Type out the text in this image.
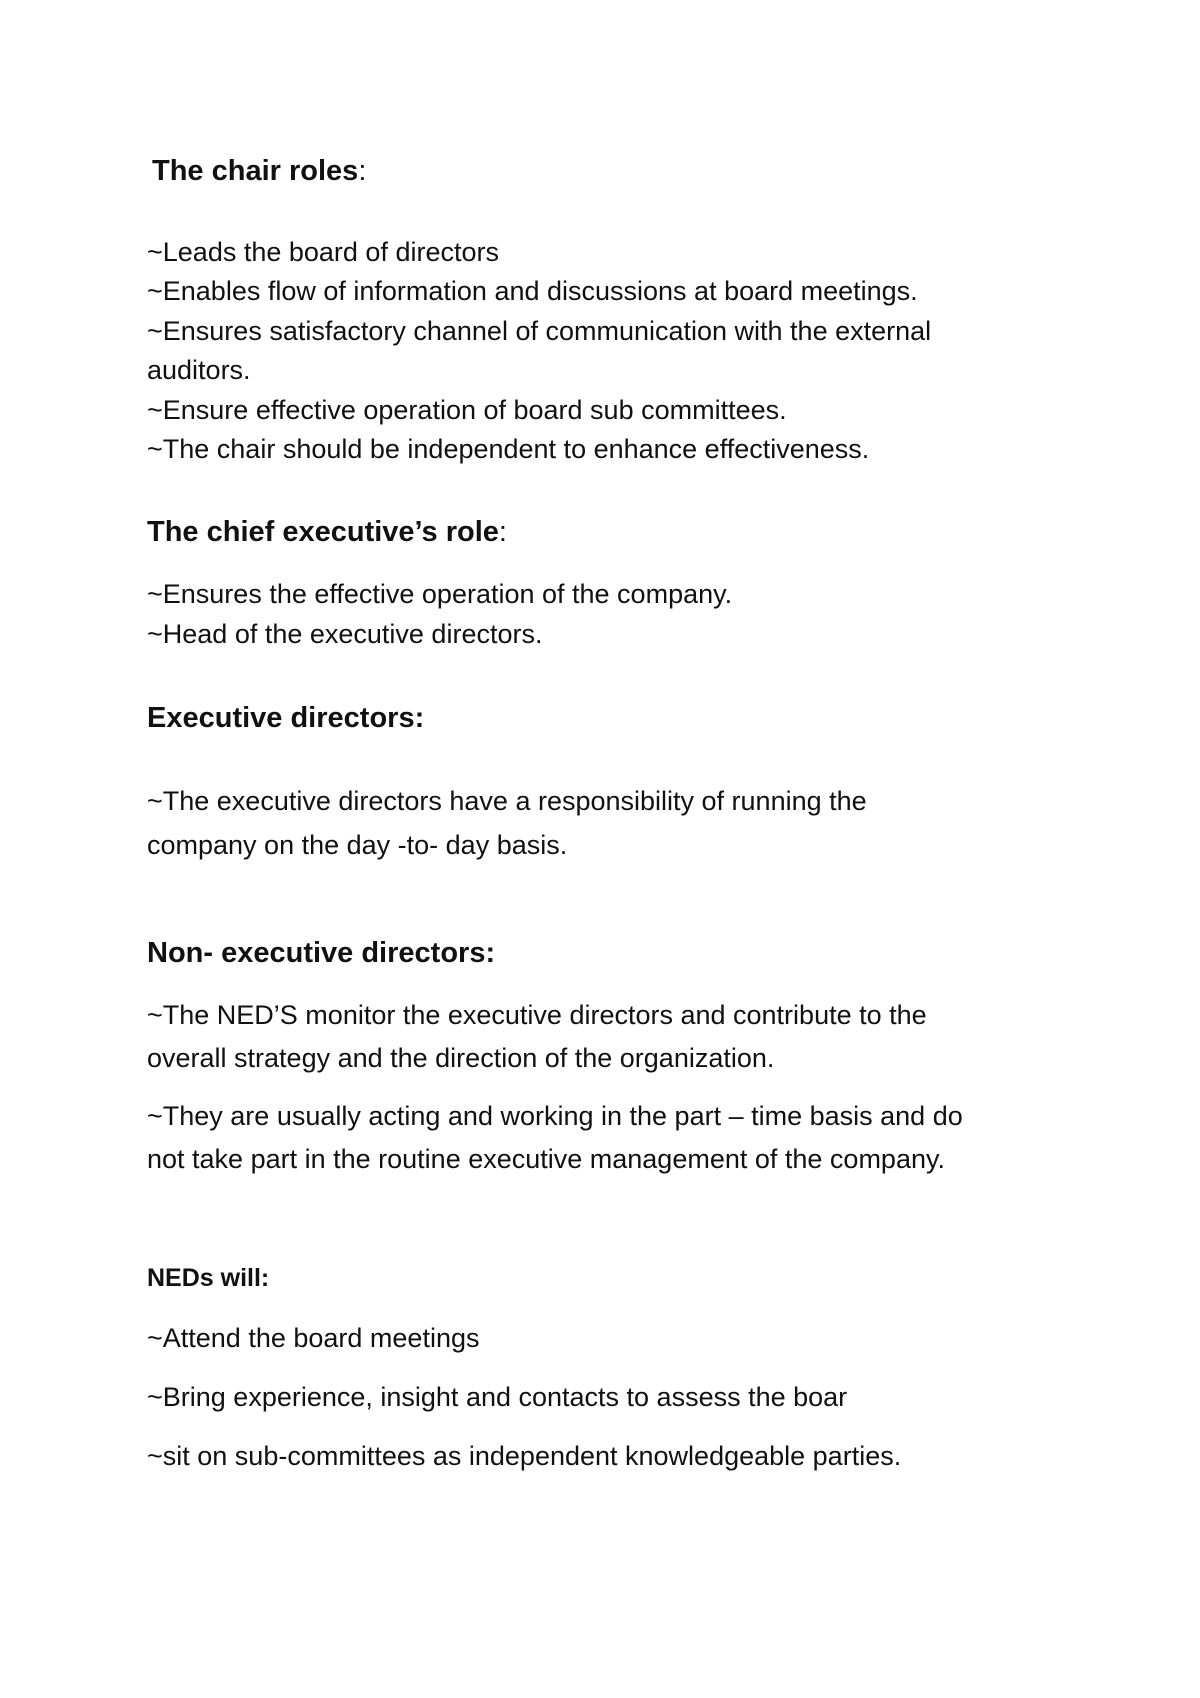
The chair roles:
~Leads the board of directors
~Enables flow of information and discussions at board meetings.
~Ensures satisfactory channel of communication with the external
auditors.
~Ensure effective operation of board sub committees.
~The chair should be independent to enhance effectiveness.
The chief executive’s role:
~Ensures the effective operation of the company.
~Head of the executive directors.
Executive directors:
~The executive directors have a responsibility of running the
company on the day -to- day basis.
Non- executive directors:
~The NED’S monitor the executive directors and contribute to the
overall strategy and the direction of the organization.
~They are usually acting and working in the part – time basis and do
not take part in the routine executive management of the company.
NEDs will:
~Attend the board meetings
~Bring experience, insight and contacts to assess the boar
~sit on sub-committees as independent knowledgeable parties.
